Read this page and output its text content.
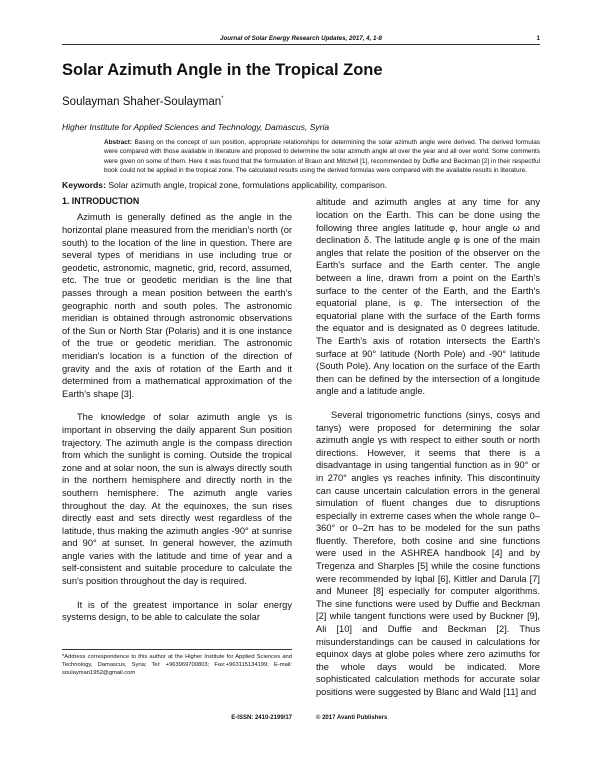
Journal of Solar Energy Research Updates, 2017, 4, 1-8	1
Solar Azimuth Angle in the Tropical Zone
Soulayman Shaher-Soulayman*
Higher Institute for Applied Sciences and Technology, Damascus, Syria
Abstract: Basing on the concept of sun position, appropriate relationships for determining the solar azimuth angle were derived. The derived formulas were compared with those available in literature and proposed to determine the solar azimuth angle all over the year and all over world. Some comments were given on some of them. Here it was found that the formulation of Braun and Mitchell [1], recommended by Duffie and Beckman [2] in their respectful book could not be applied in the tropical zone. The calculated results using the derived formulas were compared with the available results in literature.
Keywords: Solar azimuth angle, tropical zone, formulations applicability, comparison.
1. INTRODUCTION

Azimuth is generally defined as the angle in the horizontal plane measured from the meridian's north (or south) to the location of the line in question. There are several types of meridians in use including true or geodetic, astronomic, magnetic, grid, record, assumed, etc. The true or geodetic meridian is the line that passes through a mean position between the earth's geographic north and south poles. The astronomic meridian is obtained through astronomic observations of the Sun or North Star (Polaris) and it is one instance of the true or geodetic meridian. The astronomic meridian's location is a function of the direction of gravity and the axis of rotation of the Earth and it determined from a mathematical approximation of the Earth's shape [3].

The knowledge of solar azimuth angle γs is important in observing the daily apparent Sun position trajectory. The azimuth angle is the compass direction from which the sunlight is coming. Outside the tropical zone and at solar noon, the sun is always directly south in the northern hemisphere and directly north in the southern hemisphere. The azimuth angle varies throughout the day. At the equinoxes, the sun rises directly east and sets directly west regardless of the latitude, thus making the azimuth angles -90° at sunrise and 90° at sunset. In general however, the azimuth angle varies with the latitude and time of year and a self-consistent and suitable procedure to calculate the sun's position throughout the day is required.

It is of the greatest importance in solar energy systems design, to be able to calculate the solar

*Address correspondence to this author at the Higher Institute for Applied Sciences and Technology, Damascus, Syria; Tel: +963969700803; Fax:+963115134199; E-mail: soulayman1952@gmail.com
E-ISSN: 2410-2199/17

altitude and azimuth angles at any time for any location on the Earth. This can be done using the following three angles latitude φ, hour angle ω and declination δ. The latitude angle φ is one of the main angles that relate the position of the observer on the Earth's surface and the Earth center. The angle between a line, drawn from a point on the Earth's surface to the center of the Earth, and the Earth's equatorial plane, is φ. The intersection of the equatorial plane with the surface of the Earth forms the equator and is designated as 0 degrees latitude. The Earth's axis of rotation intersects the Earth's surface at 90° latitude (North Pole) and -90° latitude (South Pole). Any location on the surface of the Earth then can be defined by the intersection of a longitude angle and a latitude angle.

Several trigonometric functions (sinγs, cosγs and tanγs) were proposed for determining the solar azimuth angle γs with respect to either south or north directions. However, it seems that there is a disadvantage in using tangential function as in 90° or in 270° angles γs reaches infinity. This discontinuity can cause uncertain calculation errors in the general simulation of fluent changes due to disruptions especially in extreme cases when the whole range 0–360° or 0–2π has to be modeled for the sun paths fluently. Therefore, both cosine and sine functions were used in the ASHREA handbook [4] and by Tregenza and Sharples [5] while the cosine functions were recommended by Iqbal [6], Kittler and Darula [7] and Muneer [8] especially for computer algorithms. The sine functions were used by Duffie and Beckman [2] while tangent functions were used by Buckner [9], Ali [10] and Duffie and Beckman [2]. Thus misunderstandings can be caused in calculations for equinox days at globe poles where zero azimuths for the whole days would be indicated. More sophisticated calculation methods for accurate solar positions were suggested by Blanc and Wald [11] and

© 2017 Avanti Publishers
